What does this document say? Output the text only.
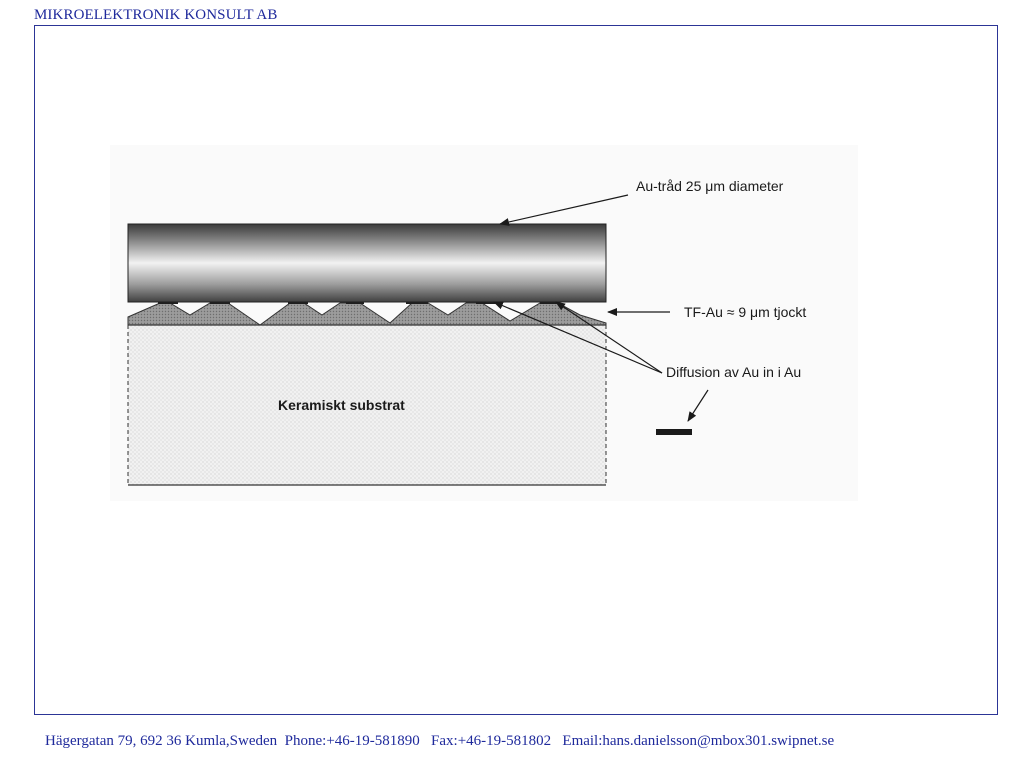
MIKROELEKTRONIK KONSULT AB
Au-tråd 25 μm diameter
TF-Au ≈ 9 μm tjockt
Diffusion av Au in i Au
Keramiskt substrat
Hägergatan 79, 692 36 Kumla,Sweden  Phone:+46-19-581890   Fax:+46-19-581802   Email:hans.danielsson@mbox301.swipnet.se
